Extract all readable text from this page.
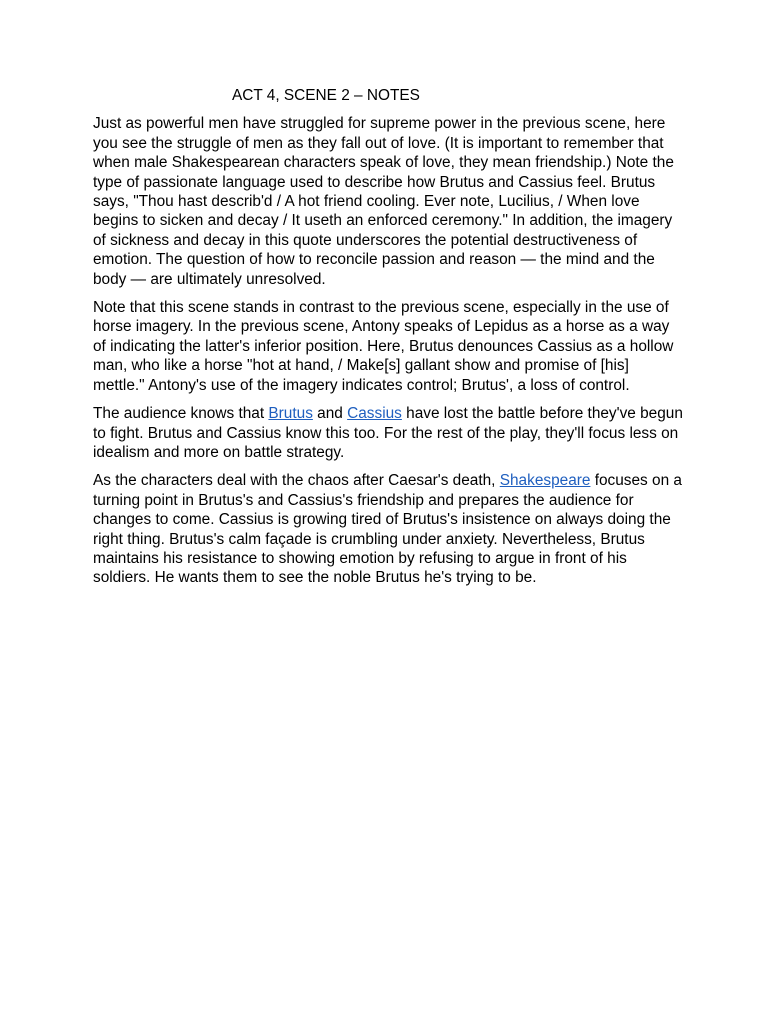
ACT 4, SCENE 2 – NOTES

Just as powerful men have struggled for supreme power in the previous scene, here you see the struggle of men as they fall out of love. (It is important to remember that when male Shakespearean characters speak of love, they mean friendship.) Note the type of passionate language used to describe how Brutus and Cassius feel. Brutus says, "Thou hast describ'd / A hot friend cooling. Ever note, Lucilius, / When love begins to sicken and decay / It useth an enforced ceremony." In addition, the imagery of sickness and decay in this quote underscores the potential destructiveness of emotion. The question of how to reconcile passion and reason — the mind and the body — are ultimately unresolved.

Note that this scene stands in contrast to the previous scene, especially in the use of horse imagery. In the previous scene, Antony speaks of Lepidus as a horse as a way of indicating the latter's inferior position. Here, Brutus denounces Cassius as a hollow man, who like a horse "hot at hand, / Make[s] gallant show and promise of [his] mettle." Antony's use of the imagery indicates control; Brutus', a loss of control.

The audience knows that Brutus and Cassius have lost the battle before they've begun to fight. Brutus and Cassius know this too. For the rest of the play, they'll focus less on idealism and more on battle strategy.

As the characters deal with the chaos after Caesar's death, Shakespeare focuses on a turning point in Brutus's and Cassius's friendship and prepares the audience for changes to come. Cassius is growing tired of Brutus's insistence on always doing the right thing. Brutus's calm façade is crumbling under anxiety. Nevertheless, Brutus maintains his resistance to showing emotion by refusing to argue in front of his soldiers. He wants them to see the noble Brutus he's trying to be.
